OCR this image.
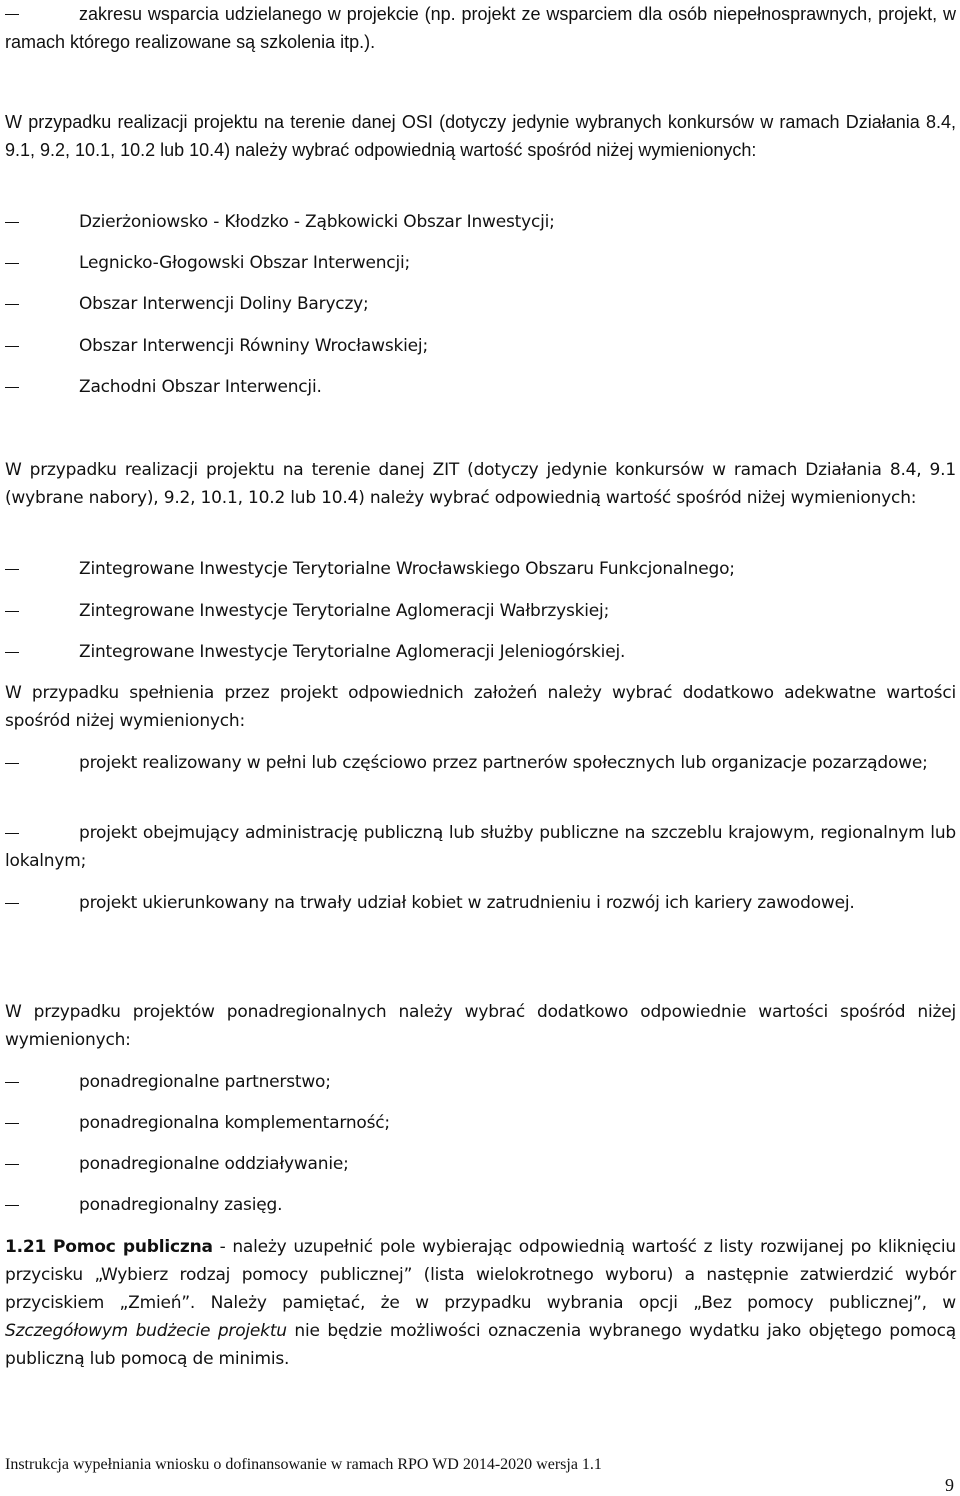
zakresu wsparcia udzielanego w projekcie (np. projekt ze wsparciem dla osób niepełnosprawnych, projekt, w ramach którego realizowane są szkolenia itp.).
W przypadku realizacji projektu na terenie danej OSI (dotyczy jedynie wybranych konkursów w ramach Działania 8.4, 9.1, 9.2, 10.1, 10.2 lub 10.4) należy wybrać odpowiednią wartość spośród niżej wymienionych:
Dzierżoniowsko - Kłodzko - Ząbkowicki Obszar Inwestycji;
Legnicko-Głogowski Obszar Interwencji;
Obszar Interwencji Doliny Baryczy;
Obszar Interwencji Równiny Wrocławskiej;
Zachodni Obszar Interwencji.
W przypadku realizacji projektu na terenie danej ZIT (dotyczy jedynie konkursów w ramach Działania 8.4, 9.1 (wybrane nabory), 9.2, 10.1, 10.2 lub 10.4) należy wybrać odpowiednią wartość spośród niżej wymienionych:
Zintegrowane Inwestycje Terytorialne Wrocławskiego Obszaru Funkcjonalnego;
Zintegrowane Inwestycje Terytorialne Aglomeracji Wałbrzyskiej;
Zintegrowane Inwestycje Terytorialne Aglomeracji Jeleniogórskiej.
W przypadku spełnienia przez projekt odpowiednich założeń należy wybrać dodatkowo adekwatne wartości spośród niżej wymienionych:
projekt realizowany w pełni lub częściowo przez partnerów społecznych lub organizacje pozarządowe;
projekt obejmujący administrację publiczną lub służby publiczne na szczeblu krajowym, regionalnym lub lokalnym;
projekt ukierunkowany na trwały udział kobiet w zatrudnieniu i rozwój ich kariery zawodowej.
W przypadku projektów ponadregionalnych należy wybrać dodatkowo odpowiednie wartości spośród niżej wymienionych:
ponadregionalne partnerstwo;
ponadregionalna komplementarność;
ponadregionalne oddziaływanie;
ponadregionalny zasięg.
1.21 Pomoc publiczna - należy uzupełnić pole wybierając odpowiednią wartość z listy rozwijanej po kliknięciu przycisku „Wybierz rodzaj pomocy publicznej” (lista wielokrotnego wyboru) a następnie zatwierdzić wybór przyciskiem „Zmień”. Należy pamiętać, że w przypadku wybrania opcji „Bez pomocy publicznej”, w Szczegółowym budżecie projektu nie będzie możliwości oznaczenia wybranego wydatku jako objętego pomocą publiczną lub pomocą de minimis.
Instrukcja wypełniania wniosku o dofinansowanie w ramach RPO WD 2014-2020 wersja 1.1
9
